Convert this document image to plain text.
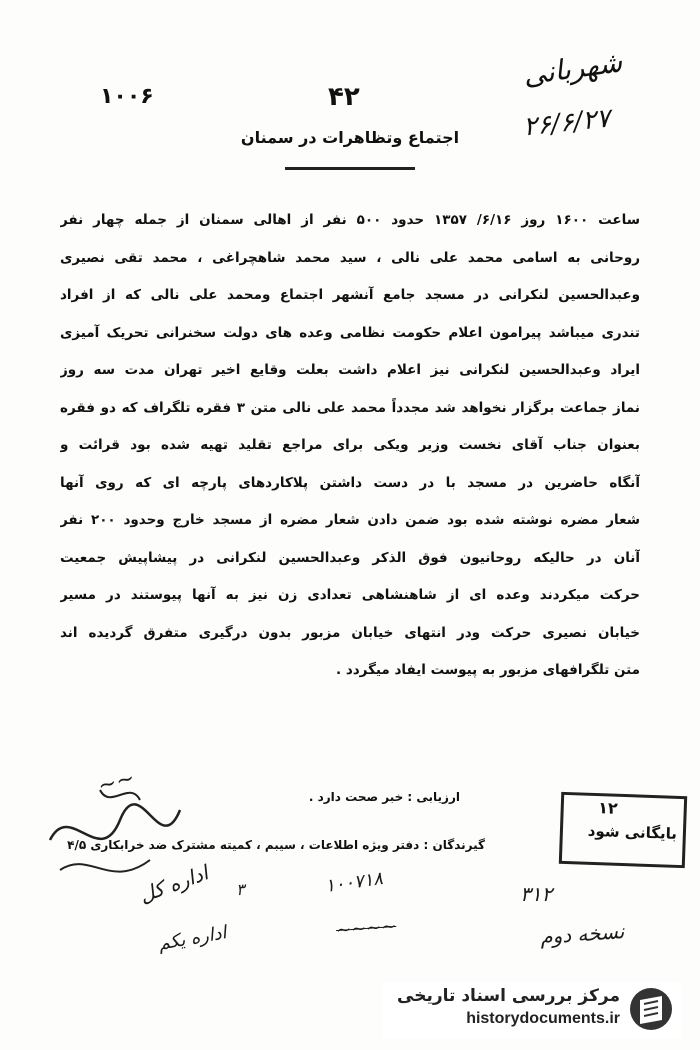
۱۰۰۶	۴۲
اجتماع وتظاهرات در سمنان
شهربانی
۲۶/۶/۲۷
ساعت ۱۶۰۰ روز ۶/۱۶/ ۱۳۵۷ حدود ۵۰۰ نفر از اهالی سمنان از جمله چهار نفر
روحانی به اسامی محمد علی نالی ، سید محمد شاهچراغی ، محمد تقی نصیری
وعبدالحسین لنکرانی در مسجد جامع آنشهر اجتماع ومحمد علی نالی که از افراد
تندری میباشد پیرامون اعلام حکومت نظامی وعده های دولت سخنرانی تحریک آمیزی
ایراد وعبدالحسین لنکرانی نیز اعلام داشت بعلت وقایع اخیر تهران مدت سه روز
نماز جماعت برگزار نخواهد شد مجدداً محمد علی نالی متن ۳ فقره تلگراف که دو فقره
بعنوان جناب آقای نخست وزیر ویکی برای مراجع تقلید تهیه شده بود قرائت و
آنگاه حاضرین در مسجد با در دست داشتن پلاکاردهای پارچه ای که روی آنها
شعار مضره نوشته شده بود ضمن دادن شعار مضره از مسجد خارج وحدود ۲۰۰ نفر
آنان در حالیکه روحانیون فوق الذکر وعبدالحسین لنکرانی در پیشاپیش جمعیت
حرکت میکردند وعده ای از شاهنشاهی تعدادی زن نیز به آنها پیوستند در مسیر
خیابان نصیری حرکت ودر انتهای خیابان مزبور بدون درگیری متفرق گردیده اند
متن تلگرافهای مزبور به پیوست ایفاد میگردد .
ارزیابی : خبر صحت دارد .
گیرندگان : دفتر ویژه اطلاعات ، سیبم ، کمیته مشترک ضد خرابکاری ۴/۵
۱۲
بایگانی شود
~~
اداره کل
اداره یکم
۳	۱۰۰۷۱۸
~~~~
۳۱۲
نسخه دوم
مرکز بررسی اسناد تاریخی
historydocuments.ir
